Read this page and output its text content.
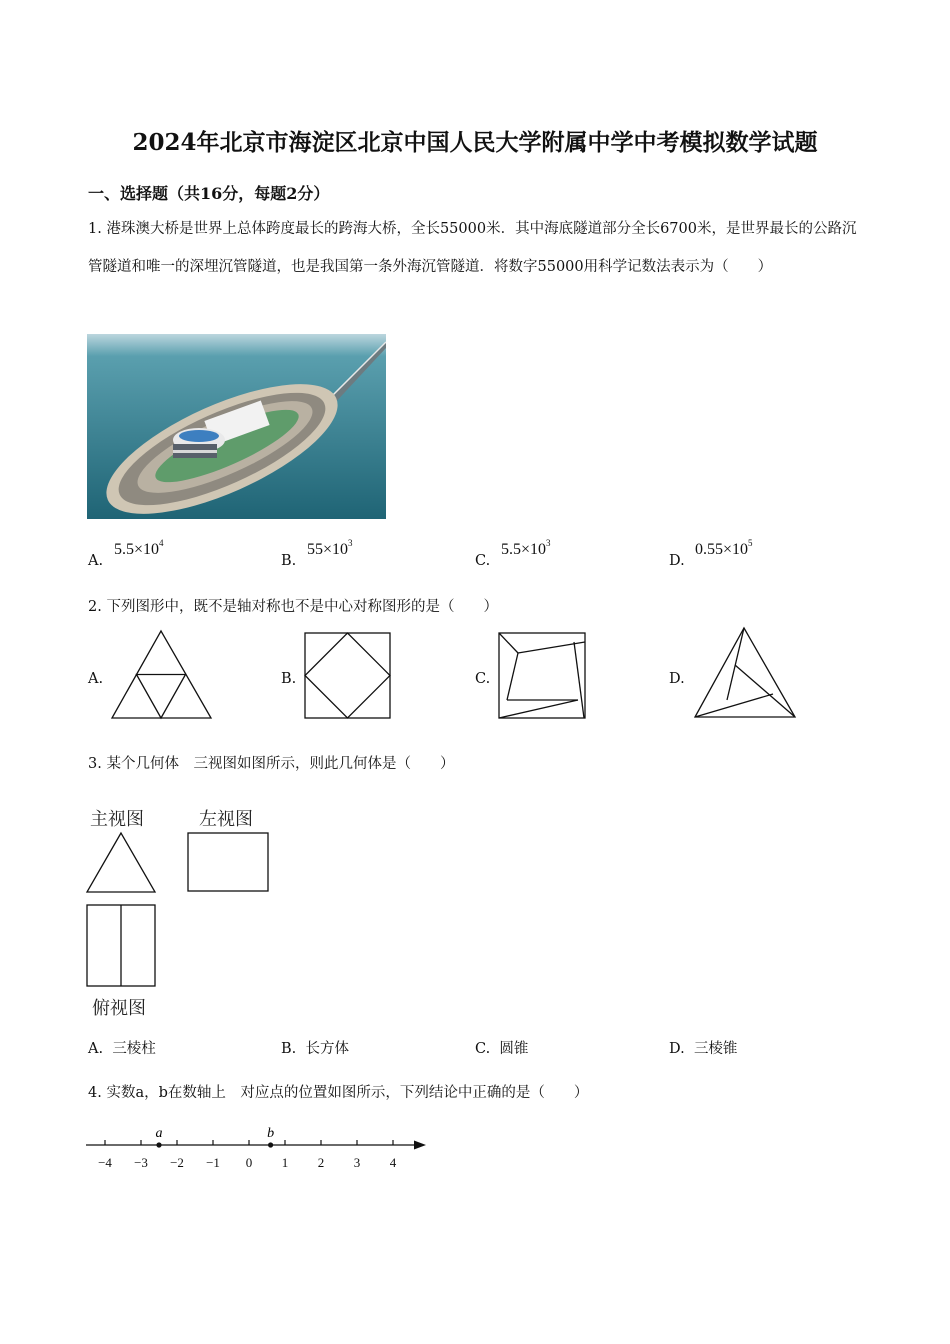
2024年北京市海淀区北京中国人民大学附属中学中考模拟数学试题
一、选择题（共16分，每题2分）
1. 港珠澳大桥是世界上总体跨度最长的跨海大桥，全长55000米．其中海底隧道部分全长6700米，是世界最长的公路沉管隧道和唯一的深埋沉管隧道，也是我国第一条外海沉管隧道．将数字55000用科学记数法表示为（　　）
A.
$5.5\times 10^4$
B.
$55\times 10^3$
C.
$5.5\times 10^3$
D.
$0.55\times 10^5$
2. 下列图形中，既不是轴对称也不是中心对称图形的是（　　）
A.	B.	C.	D.
3. 某个几何体　三视图如图所示，则此几何体是（　　）
主视图	左视图
俯视图
A. 三棱柱	B. 长方体	C. 圆锥	D. 三棱锥
4. 实数a，b在数轴上　对应点的位置如图所示，下列结论中正确的是（　　）
−4 −3 −2 −1 0 1 2 3 4
a	b
